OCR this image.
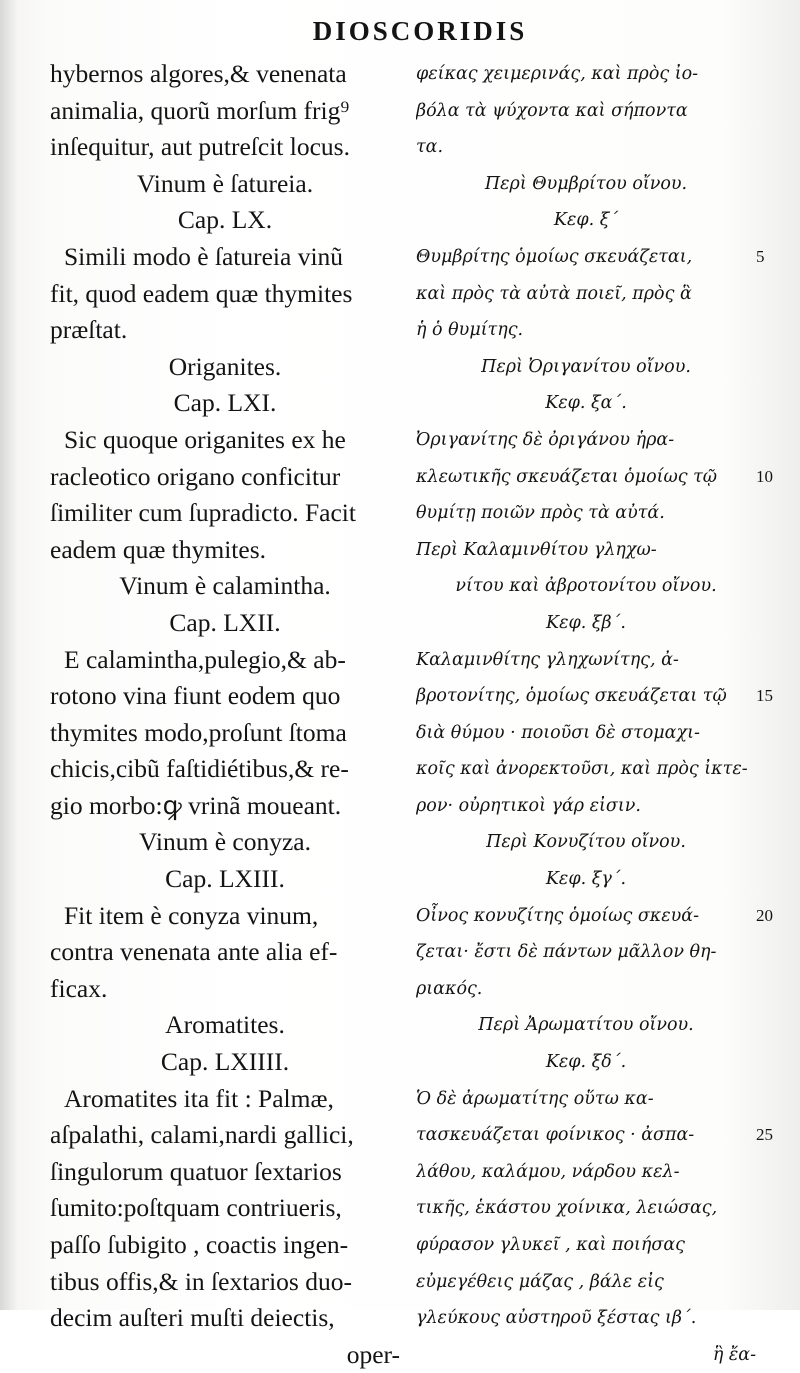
DIOSCORIDIS
hybernos algores,& venenata
animalia, quorũ morſum frig⁹
inſequitur, aut putreſcit locus.
Vinum è ſatureia.
Cap. LX.
Simili modo è ſatureia vinũ
fit, quod eadem quæ thymites
præſtat.
Origanites.
Cap. LXI.
Sic quoque origanites ex he
racleotico origano conficitur
ſimiliter cum ſupradicto. Facit
eadem quæ thymites.
Vinum è calamintha.
Cap. LXII.
E calamintha,pulegio,& ab-
rotono vina fiunt eodem quo
thymites modo,proſunt ſtoma
chicis,cibũ faſtidiétibus,& re-
gio morbo:ꝙ vrinã moueant.
Vinum è conyza.
Cap. LXIII.
Fit item è conyza vinum,
contra venenata ante alia ef-
ficax.
Aromatites.
Cap. LXIIII.
Aromatites ita fit : Palmæ,
aſpalathi, calami,nardi gallici,
ſingulorum quatuor ſextarios
ſumito:poſtquam contriueris,
paſſo ſubigito , coactis ingen-
tibus offis,& in ſextarios duo-
decim auſteri muſti deiectis,
oper-
φείκας χειμερινάς, καὶ πρὸς ἰο-
βόλα τὰ ψύχοντα καὶ σήποντα
τα.
Περὶ Θυμβρίτου οἴνου.
Κεφ. ξ΄
Θυμβρίτης ὁμοίως σκευάζεται,
καὶ πρὸς τὰ αὐτὰ ποιεῖ, πρὸς ἃ
ἡ ὁ θυμίτης.
Περὶ Ὀριγανίτου οἴνου.
Κεφ. ξα΄.
Ὀριγανίτης δὲ ὀριγάνου ἡρα-
κλεωτικῆς σκευάζεται ὁμοίως τῷ
θυμίτῃ ποιῶν πρὸς τὰ αὐτά.
Περὶ Καλαμινθίτου γληχω-
νίτου καὶ ἀβροτονίτου οἴνου.
Κεφ. ξβ΄.
Καλαμινθίτης γληχωνίτης, ἀ-
βροτονίτης, ὁμοίως σκευάζεται τῷ
διὰ θύμου · ποιοῦσι δὲ στομαχι-
κοῖς καὶ ἀνορεκτοῦσι, καὶ πρὸς ἰκτε-
ρον· οὐρητικοὶ γάρ εἰσιν.
Περὶ Κονυζίτου οἴνου.
Κεφ. ξγ΄.
Οἶνος κονυζίτης ὁμοίως σκευά-
ζεται· ἔστι δὲ πάντων μᾶλλον θη-
ριακός.
Περὶ Ἀρωματίτου οἴνου.
Κεφ. ξδ΄.
Ὁ δὲ ἀρωματίτης οὕτω κα-
τασκευάζεται φοίνικος · ἀσπα-
λάθου, καλάμου, νάρδου κελ-
τικῆς, ἑκάστου χοίνικα, λειώσας,
φύρασον γλυκεῖ , καὶ ποιήσας
εὐμεγέθεις μάζας , βάλε εἰς
γλεύκους αὐστηροῦ ξέστας ιβ΄.
ἣ ἔα-
5
10
15
20
25
